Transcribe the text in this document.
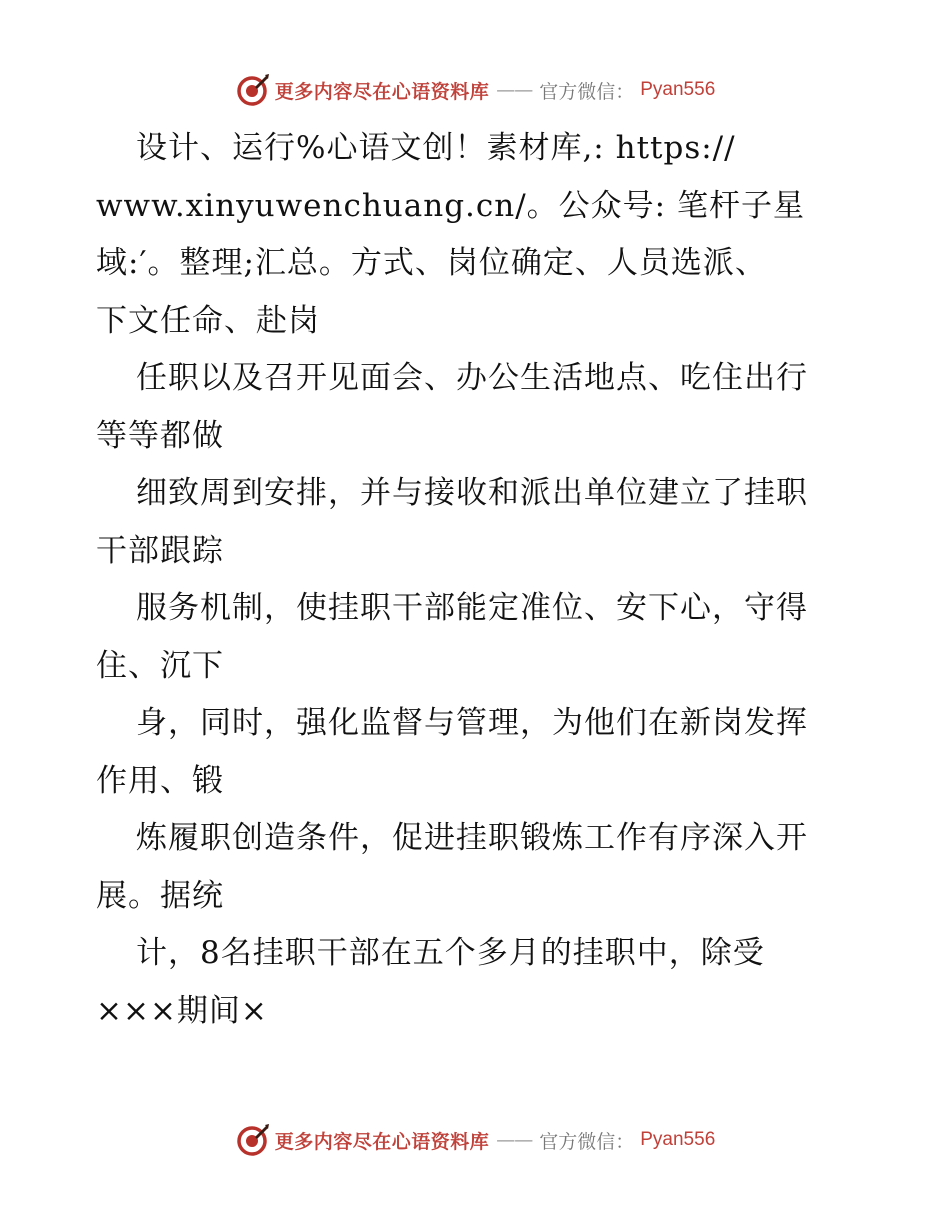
更多内容尽在心语资料库 —— 官方微信： Pyan556
设计、运行%心语文创！素材库,: https://
www.xinyuwenchuang.cn/。公众号: 笔杆子星
域:′。整理;汇总。方式、岗位确定、人员选派、
下文任命、赴岗
任职以及召开见面会、办公生活地点、吃住出行
等等都做
细致周到安排，并与接收和派出单位建立了挂职
干部跟踪
服务机制，使挂职干部能定准位、安下心，守得
住、沉下
身，同时，强化监督与管理，为他们在新岗发挥
作用、锻
炼履职创造条件，促进挂职锻炼工作有序深入开
展。据统
计，8名挂职干部在五个多月的挂职中，除受
×××期间×
更多内容尽在心语资料库 —— 官方微信： Pyan556
